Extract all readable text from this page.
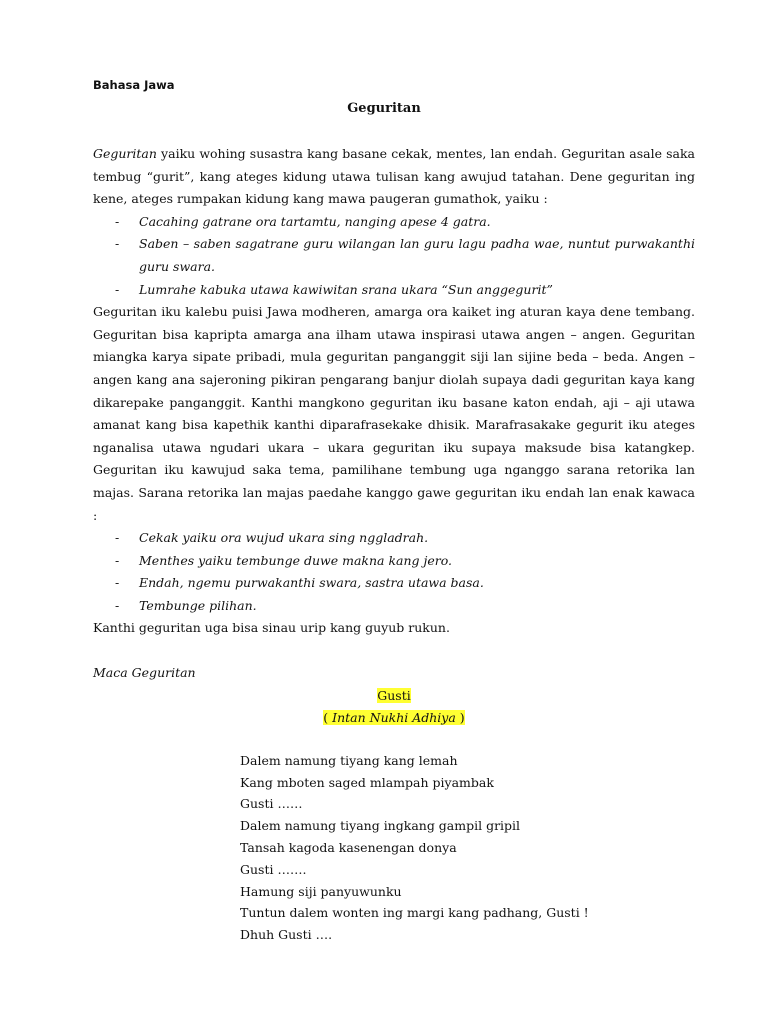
Bahasa Jawa
Geguritan

Geguritan yaiku wohing susastra kang basane cekak, mentes, lan endah. Geguritan asale saka tembug “gurit”, kang ateges kidung utawa tulisan kang awujud tatahan. Dene geguritan ing kene, ateges rumpakan kidung kang mawa paugeran gumathok, yaiku :

- Cacahing gatrane ora tartamtu, nanging apese 4 gatra.
- Saben – saben sagatrane guru wilangan lan guru lagu padha wae, nuntut purwakanthi guru swara.
- Lumrahe kabuka utawa kawiwitan srana ukara “Sun anggegurit”

Geguritan iku kalebu puisi Jawa modheren, amarga ora kaiket ing aturan kaya dene tembang. Geguritan bisa kapripta amarga ana ilham utawa inspirasi utawa angen – angen. Geguritan miangka karya sipate pribadi, mula geguritan panganggit siji lan sijine beda – beda. Angen – angen kang ana sajeroning pikiran pengarang banjur diolah supaya dadi geguritan kaya kang dikarepake panganggit. Kanthi mangkono geguritan iku basane katon endah, aji – aji utawa amanat kang bisa kapethik kanthi diparafrasekake dhisik. Marafrasakake gegurit iku ateges nganalisa utawa ngudari ukara – ukara geguritan iku supaya maksude bisa katangkep. Geguritan iku kawujud saka tema, pamilihane tembung uga nganggo sarana retorika lan majas. Sarana retorika lan majas paedahe kanggo gawe geguritan iku endah lan enak kawaca :

- Cekak yaiku ora wujud ukara sing nggladrah.
- Menthes yaiku tembunge duwe makna kang jero.
- Endah, ngemu purwakanthi swara, sastra utawa basa.
- Tembunge pilihan.

Kanthi geguritan uga bisa sinau urip kang guyub rukun.

Maca Geguritan

Gusti

( Intan Nukhi Adhiya )

Dalem namung tiyang kang lemah
Kang mboten saged mlampah piyambak
Gusti ……
Dalem namung tiyang ingkang gampil gripil
Tansah kagoda kasenengan donya
Gusti …….
Hamung siji panyuwunku
Tuntun dalem wonten ing margi kang padhang, Gusti !
Dhuh Gusti ….
